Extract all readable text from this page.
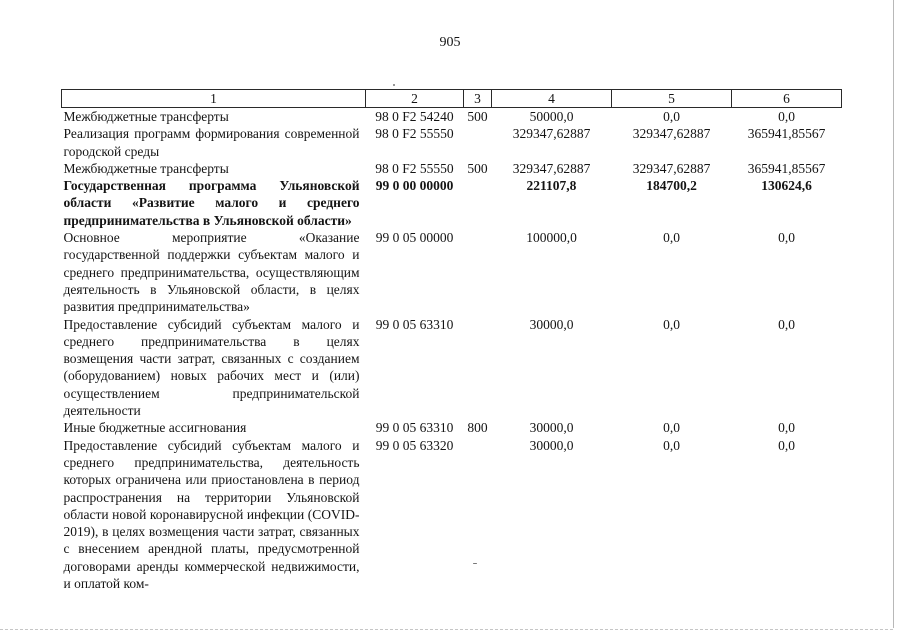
905
1	2	3	4	5	6
Межбюджетные трансферты	98 0 F2 54240	500	50000,0	0,0	0,0
Реализация программ формирования современной городской среды	98 0 F2 55550		329347,62887	329347,62887	365941,85567
Межбюджетные трансферты	98 0 F2 55550	500	329347,62887	329347,62887	365941,85567
Государственная программа Ульяновской области «Развитие малого и среднего предпринимательства в Ульяновской области»	99 0 00 00000		221107,8	184700,2	130624,6
Основное мероприятие «Оказание государственной поддержки субъектам малого и среднего предпринимательства, осуществляющим деятельность в Ульяновской области, в целях развития предпринимательства»	99 0 05 00000		100000,0	0,0	0,0
Предоставление субсидий субъектам малого и среднего предпринимательства в целях возмещения части затрат, связанных с созданием (оборудованием) новых рабочих мест и (или) осуществлением предпринимательской деятельности	99 0 05 63310		30000,0	0,0	0,0
Иные бюджетные ассигнования	99 0 05 63310	800	30000,0	0,0	0,0
Предоставление субсидий субъектам малого и среднего предпринимательства, деятельность которых ограничена или приостановлена в период распространения на территории Ульяновской области новой коронавирусной инфекции (COVID-2019), в целях возмещения части затрат, связанных с внесением арендной платы, предусмотренной договорами аренды коммерческой недвижимости, и оплатой ком-	99 0 05 63320		30000,0	0,0	0,0
